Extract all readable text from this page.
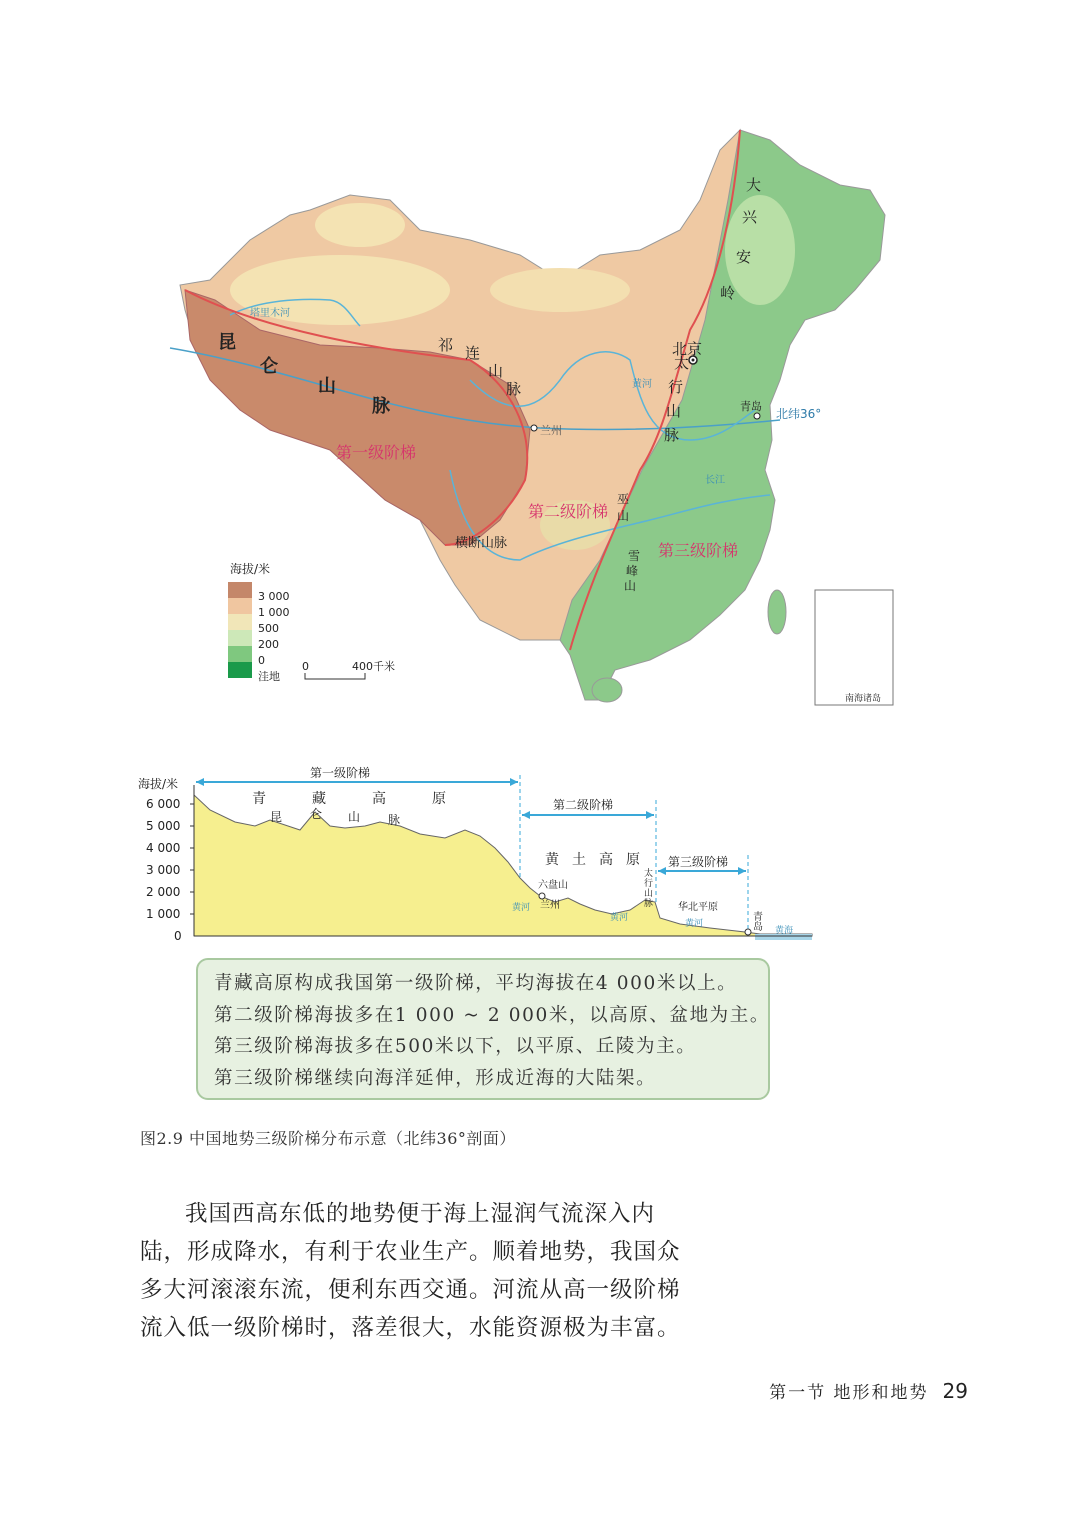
昆
仑
山
脉
祁 连
山
脉
大
兴
安
岭
北京
太
行
山
脉
巫
山
雪
峰
山
横断山脉
青岛
兰州
北纬36°
塔里木河
黄河
长江
南海诸岛
第一级阶梯
第二级阶梯
第三级阶梯
海拔/米
3 000
1 000
500
200
0
洼地
0	400千米
海拔/米
6 000
5 000
4 000
3 000
2 000
1 000
0
第一级阶梯
第二级阶梯
第三级阶梯
青	藏	高	原
昆 仑 山 脉
黄 土 高 原
六盘山
兰州
太
行
山
脉 华北平原
青
岛
黄河
黄河
黄河
黄海
青藏高原构成我国第一级阶梯，平均海拔在4 000米以上。
第二级阶梯海拔多在1 000 ~ 2 000米，以高原、盆地为主。
第三级阶梯海拔多在500米以下，以平原、丘陵为主。
第三级阶梯继续向海洋延伸，形成近海的大陆架。
图2.9 中国地势三级阶梯分布示意（北纬36°剖面）

我国西高东低的地势便于海上湿润气流深入内

陆，形成降水，有利于农业生产。顺着地势，我国众

多大河滚滚东流，便利东西交通。河流从高一级阶梯

流入低一级阶梯时，落差很大，水能资源极为丰富。

第一节 地形和地势 29
